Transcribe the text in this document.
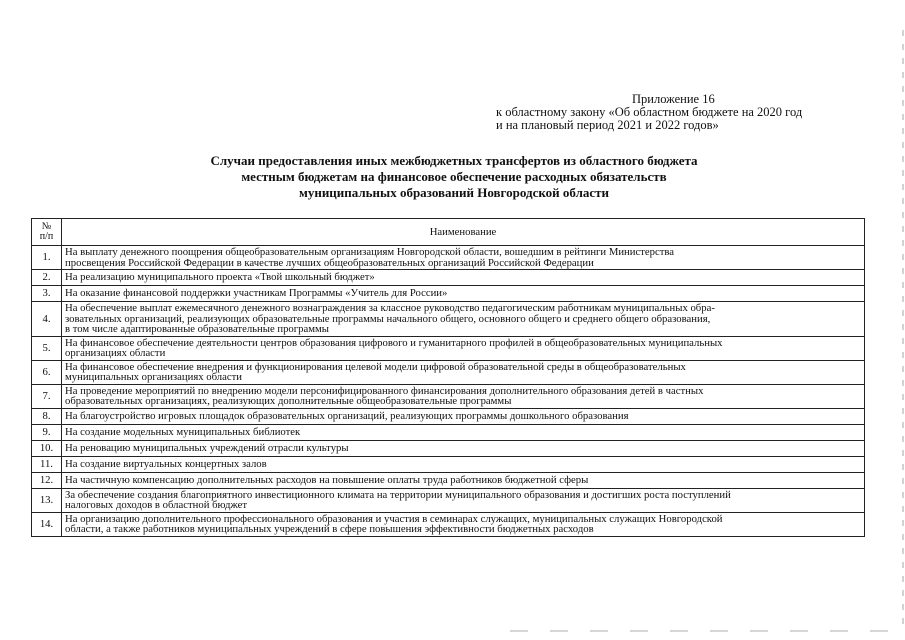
Приложение 16
к областному закону «Об областном бюджете на 2020 год
и на плановый период 2021 и 2022 годов»
Случаи предоставления иных межбюджетных трансфертов из областного бюджета
местным бюджетам на финансовое обеспечение расходных обязательств
муниципальных образований Новгородской области
№
п/п	Наименование
1.	На выплату денежного поощрения общеобразовательным организациям Новгородской области, вошедшим в рейтинги Министерства
просвещения Российской Федерации в качестве лучших общеобразовательных организаций Российской Федерации

2.	На реализацию муниципального проекта «Твой школьный бюджет»

3.	На оказание финансовой поддержки участникам Программы «Учитель для России»

4.	На обеспечение выплат ежемесячного денежного вознаграждения за классное руководство педагогическим работникам муниципальных обра-
зовательных организаций, реализующих образовательные программы начального общего, основного общего и среднего общего образования,
в том числе адаптированные образовательные программы

5.	На финансовое обеспечение деятельности центров образования цифрового и гуманитарного профилей в общеобразовательных муниципальных
организациях области

6.	На финансовое обеспечение внедрения и функционирования целевой модели цифровой образовательной среды в общеобразовательных
муниципальных организациях области

7.	На проведение мероприятий по внедрению модели персонифицированного финансирования дополнительного образования детей в частных
образовательных организациях, реализующих дополнительные общеобразовательные программы

8.	На благоустройство игровых площадок образовательных организаций, реализующих программы дошкольного образования

9.	На создание модельных муниципальных библиотек

10.	На реновацию муниципальных учреждений отрасли культуры

11.	На создание виртуальных концертных залов

12.	На частичную компенсацию дополнительных расходов на повышение оплаты труда работников бюджетной сферы

13.	За обеспечение создания благоприятного инвестиционного климата на территории муниципального образования и достигших роста поступлений
налоговых доходов в областной бюджет

14.	На организацию дополнительного профессионального образования и участия в семинарах служащих, муниципальных служащих Новгородской
области, а также работников муниципальных учреждений в сфере повышения эффективности бюджетных расходов
